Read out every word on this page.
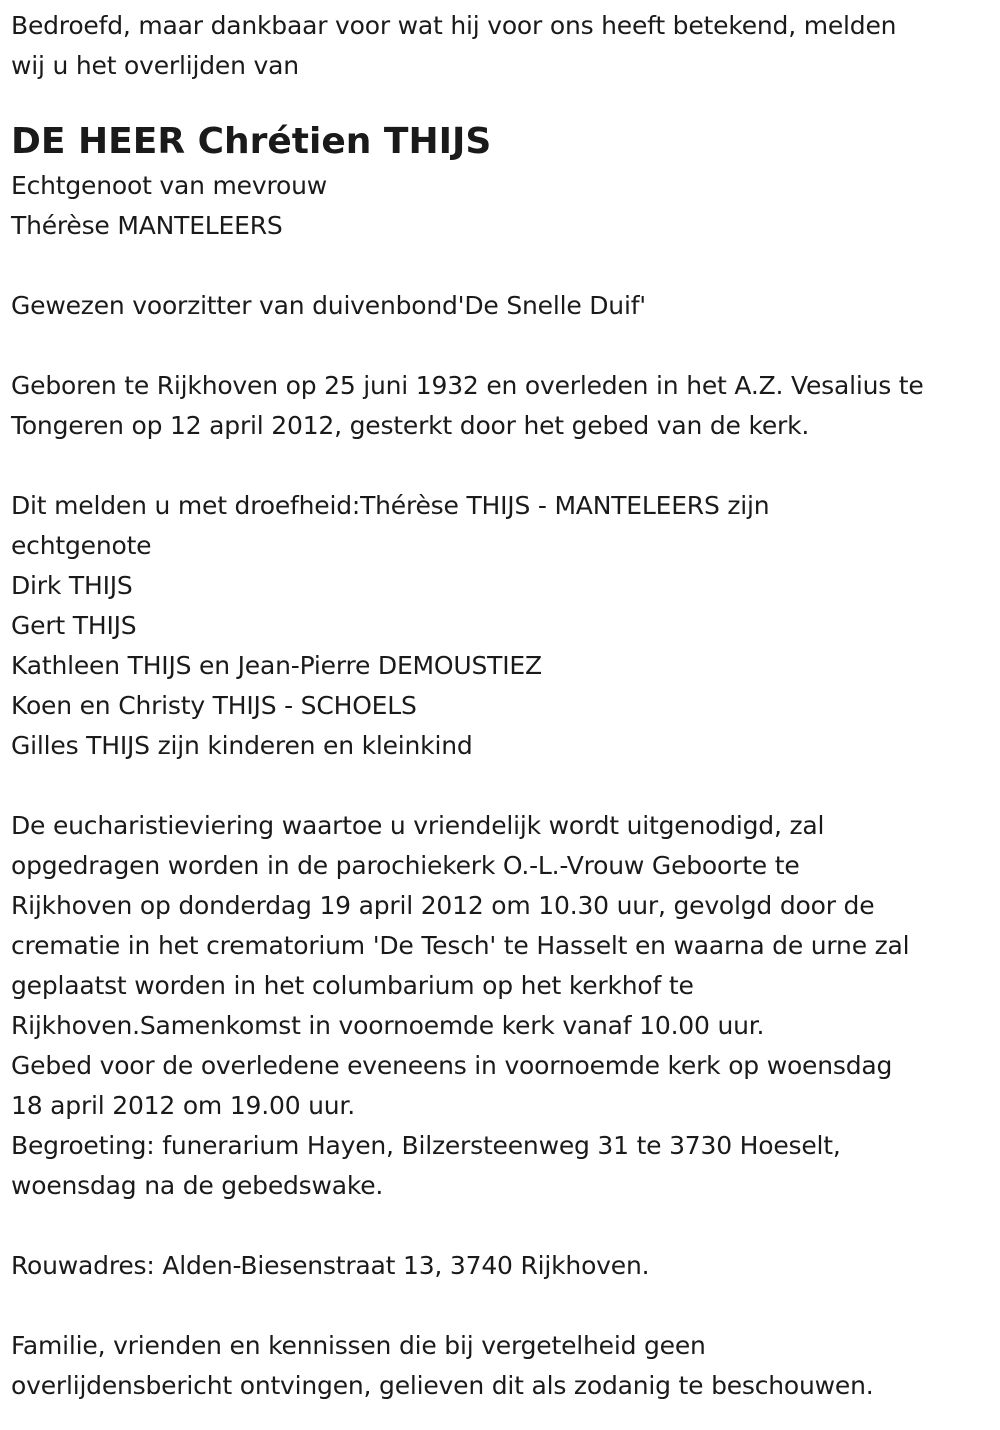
Bedroefd, maar dankbaar voor wat hij voor ons heeft betekend, melden
wij u het overlijden van
DE HEER Chrétien THIJS
Echtgenoot van mevrouw
Thérèse MANTELEERS
Gewezen voorzitter van duivenbond'De Snelle Duif'
Geboren te Rijkhoven op 25 juni 1932 en overleden in het A.Z. Vesalius te
Tongeren op 12 april 2012, gesterkt door het gebed van de kerk.
Dit melden u met droefheid:Thérèse THIJS - MANTELEERS zijn
echtgenote
Dirk THIJS
Gert THIJS
Kathleen THIJS en Jean-Pierre DEMOUSTIEZ
Koen en Christy THIJS - SCHOELS
Gilles THIJS zijn kinderen en kleinkind
De eucharistieviering waartoe u vriendelijk wordt uitgenodigd, zal
opgedragen worden in de parochiekerk O.-L.-Vrouw Geboorte te
Rijkhoven op donderdag 19 april 2012 om 10.30 uur, gevolgd door de
crematie in het crematorium 'De Tesch' te Hasselt en waarna de urne zal
geplaatst worden in het columbarium op het kerkhof te
Rijkhoven.Samenkomst in voornoemde kerk vanaf 10.00 uur.
Gebed voor de overledene eveneens in voornoemde kerk op woensdag
18 april 2012 om 19.00 uur.
Begroeting: funerarium Hayen, Bilzersteenweg 31 te 3730 Hoeselt,
woensdag na de gebedswake.
Rouwadres: Alden-Biesenstraat 13, 3740 Rijkhoven.
Familie, vrienden en kennissen die bij vergetelheid geen
overlijdensbericht ontvingen, gelieven dit als zodanig te beschouwen.
